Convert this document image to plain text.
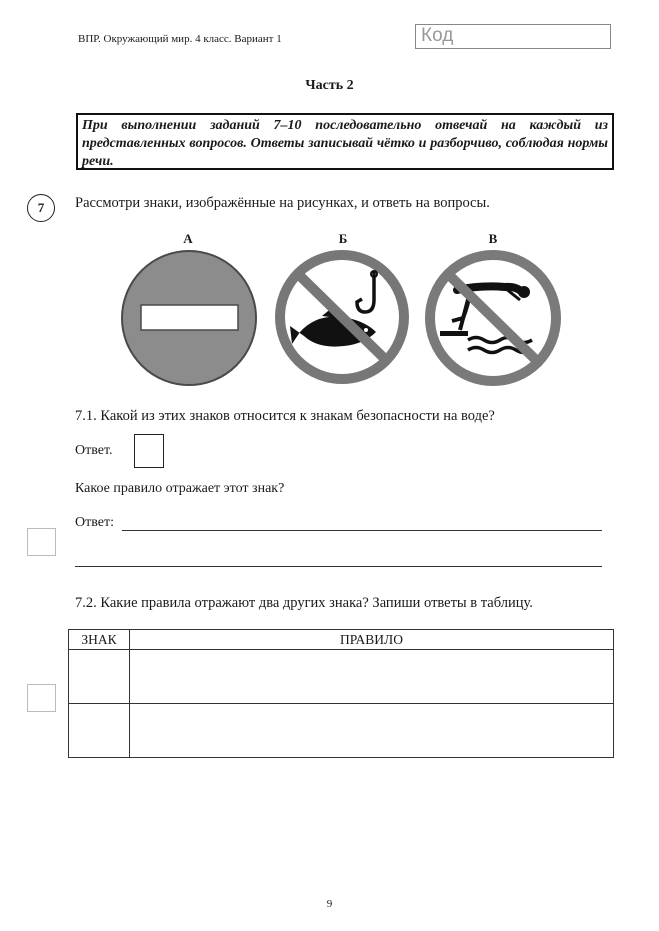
ВПР. Окружающий мир. 4 класс. Вариант 1	Код
Часть 2
При выполнении заданий 7–10 последовательно отвечай на каждый из представленных вопросов. Ответы записывай чётко и разборчиво, соблюдая нормы речи.
7	Рассмотри знаки, изображённые на рисунках, и ответь на вопросы.
А	Б	В
7.1. Какой из этих знаков относится к знакам безопасности на воде?
Ответ.
Какое правило отражает этот знак?
Ответ:
7.2. Какие правила отражают два других знака? Запиши ответы в таблицу.
ЗНАК	ПРАВИЛО

9
